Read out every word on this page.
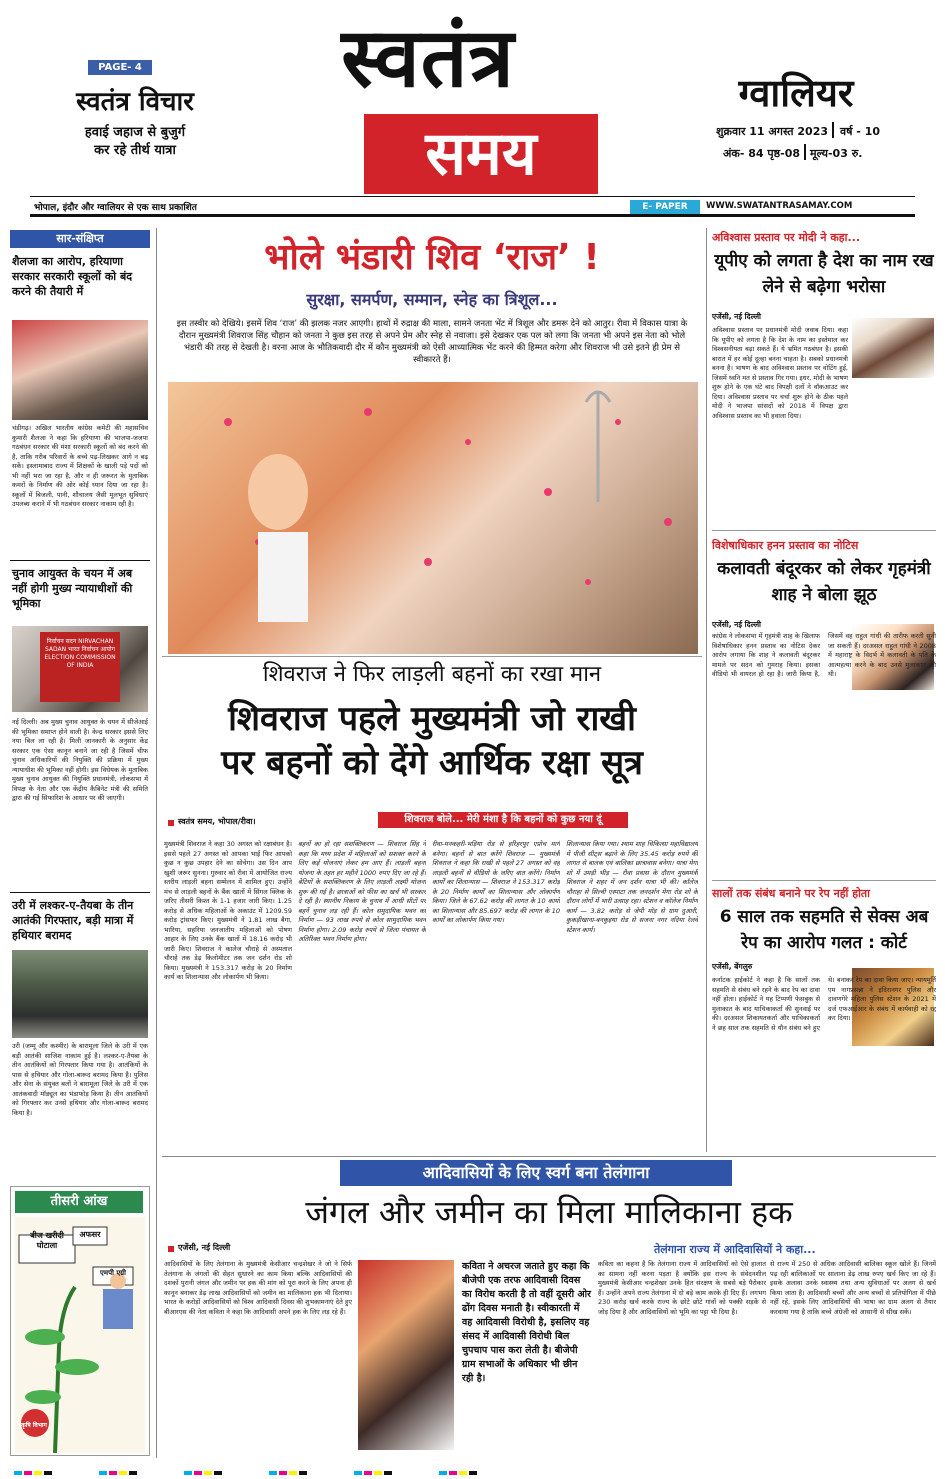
PAGE- 4
स्वतंत्र विचार
हवाई जहाज से बुजुर्ग
कर रहे तीर्थ यात्रा
स्वतंत्र
समय
ग्वालियर
शुक्रवार 11 अगस्त 2023 वर्ष - 10
अंक- 84 पृष्ठ-08 मूल्य-03 रु.
भोपाल, इंदौर और ग्वालियर से एक साथ प्रकाशित	E- PAPER	WWW.SWATANTRASAMAY.COM
सार-संक्षिप्त
शैलजा का आरोप, हरियाणा सरकार सरकारी स्कूलों को बंद करने की तैयारी में
चंडीगढ़। अखिल भारतीय कांग्रेस कमेटी की महासचिव कुमारी शैलजा ने कहा कि हरियाणा की भाजपा-जजपा गठबंधन सरकार की मंशा सरकारी स्कूलों को बंद करने की है, ताकि गरीब परिवारों के बच्चे पढ़-लिखकर आगे न बढ़ सकें। इस्लामाबाद राज्य में शिक्षकों के खाली पड़े पदों को भी नहीं भरा जा रहा है, और न ही जरूरत के मुताबिक कमरों के निर्माण की ओर कोई ध्यान दिया जा रहा है। स्कूलों में बिजली, पानी, शौचालय जैसी मूलभूत सुविधाएं उपलब्ध कराने में भी गठबंधन सरकार नाकाम रही है।
चुनाव आयुक्त के चयन में अब नहीं होगी मुख्य न्यायाधीशों की भूमिका
निर्वाचन सदन NIRVACHAN SADAN भारत निर्वाचन आयोग ELECTION COMMISSION OF INDIA
नई दिल्ली। अब मुख्य चुनाव आयुक्त के चयन में सीजेआई की भूमिका समाप्त होने वाली है। केन्द्र सरकार इससे लिए नया बिल ला रही है। मिली जानकारी के अनुसार केंद्र सरकार एक ऐसा कानून बनाने जा रही है जिसमें चीफ चुनाव अधिकारियों की नियुक्ति की प्रक्रिया में मुख्य न्यायाधीश की भूमिका नहीं होगी। इस विधेयक के मुताबिक मुख्य चुनाव आयुक्त की नियुक्ति प्रधानमंत्री, लोकसभा में विपक्ष के नेता और एक केंद्रीय कैबिनेट मंत्री की समिति द्वारा की गई सिफारिश के आधार पर की जाएगी।
उरी में लश्कर-ए-तैयबा के तीन आतंकी गिरफ्तार, बड़ी मात्रा में हथियार बरामद
उरी (जम्मू और कश्मीर) के बारामूला जिले के उरी में एक बड़ी आतंकी साजिश नाकाम हुई है। लश्कर-ए-तैयबा के तीन आतंकियों को गिरफ्तार किया गया है। आतंकियों के पास से हथियार और गोला-बारूद बरामद किया है। पुलिस और सेना के संयुक्त बलों ने बारामूला जिले के उरी में एक आतंकवादी मॉड्यूल का भंडाफोड़ किया है। तीन आतंकियों को गिरफ्तार कर उनसे हथियार और गोला-बारूद बरामद किया है।
तीसरी आंख
बीज खरीदी घोटाला
अफसर
एमपी एग्री
कृषि विभाग
भोले भंडारी शिव ‘राज’ !
सुरक्षा, समर्पण, सम्मान, स्नेह का त्रिशूल...
इस तस्वीर को देखिये। इसमें शिव ‘राज’ की झलक नजर आएगी। हाथों में रुद्राक्ष की माला, सामने जनता भेंट में त्रिशूल और डमरू देने को आतुर। रीवा में विकास यात्रा के दौरान मुख्यमंत्री शिवराज सिंह चौहान को जनता ने कुछ इस तरह से अपने प्रेम और स्नेह से नवाजा। इसे देखकर एक पल को लगा कि जनता भी अपने इस नेता को भोले भंडारी की तरह से देखती है। वरना आज के भौतिकवादी दौर में कौन मुख्यमंत्री को ऐसी आध्यात्मिक भेंट करने की हिम्मत करेगा और शिवराज भी उसे इतने ही प्रेम से स्वीकारते हैं।
शिवराज ने फिर लाड़ली बहनों का रखा मान
शिवराज पहले मुख्यमंत्री जो राखी
पर बहनों को देंगे आर्थिक रक्षा सूत्र
स्वतंत्र समय, भोपाल/रीवा।	शिवराज बोले... मेरी मंशा है कि बहनों को कुछ नया दूं
मुख्यमंत्री शिवराज ने कहा 30 अगस्त को रक्षाबंधन है। इससे पहले 27 अगस्त को आपका भाई फिर आपको कुछ न कुछ उपहार देने का सोचेगा। उस दिन आप खुशी जरूर सुनना। गुरुवार को रीवा में आयोजित राज्य स्तरीय लाड़ली बहना सम्मेलन में शामिल हुए। उन्होंने मंच से लाड़ली बहनों के बैंक खातों में सिंगल क्लिक के जरिए तीसरी किश्त के 1-1 हजार जारी किए। 1.25 करोड़ से अधिक महिलाओं के अकाउंट में 1209.59 करोड़ ट्रांसफर किए। मुख्यमंत्री ने 1.81 लाख बैगा, भारिया, सहरिया जनजातीय महिलाओं को पोषण आहार के लिए उनके बैंक खातों में 18.16 करोड़ भी जारी किए। शिवराज ने कालेज चौराहे से अस्पताल चौराहे तक डेढ़ किलोमीटर तक जन दर्शन रोड शो किया। मुख्यमंत्री ने 153.317 करोड़ के 20 निर्माण कार्य का शिलान्यास और लोकार्पण भी किया।
बहनों का हो रहा सशक्तिकरण — शिवराज सिंह ने कहा कि मध्य प्रदेश में महिलाओं को सशक्त करने के लिए कई योजनाएं लेकर हम आए हैं। लाड़ली बहना योजना के तहत हर महीने 1000 रुपए दिए जा रहे हैं। बेटियों के सशक्तिकरण के लिए लाड़ली लक्ष्मी योजना शुरू की गई है। छात्राओं को फीस का खर्च भी सरकार दे रही है। स्थानीय निकाय के चुनाव में आधी सीटों पर बहनें चुनाव लड़ रही हैं। कोल समुदायिक भवन का निर्माण — 93 लाख रुपये से कोल सामुदायिक भवन निर्माण होगा। 2.09 करोड़ रुपये से जिला पंचायत के अतिरिक्त भवन निर्माण होगा।
रीवा-मनकहरी-भड़िया रोड से हरिहरपुर एप्रोच मार्ग बनेगा। बहनों से बात करेंगे शिवराज — मुख्यमंत्री शिवराज ने कहा कि राखी से पहले 27 अगस्त को वह लाड़ली बहनों से वीडियो के जरिए बात करेंगे। निर्माण कार्यों का शिलान्यास — शिवराज ने 153.317 करोड़ के 20 निर्माण कार्यों का शिलान्यास और लोकार्पण किया। जिले के 67.62 करोड़ की लागत के 10 कार्यों का शिलान्यास और 85.697 करोड़ की लागत के 10 कार्यों का लोकार्पण किया गया।
शिलान्यास किया गया। श्याम शाह चिकित्सा महाविद्यालय में पीजी सीट्स बढ़ाने के लिए 35.45 करोड़ रुपये की लागत से बालक एवं बालिका छात्रावास बनेगा। यात्रा मेगा शो में उमड़ी भीड़ — रीवा प्रवास के दौरान मुख्यमंत्री शिवराज ने शहर में जन दर्शन यात्रा भी की। कॉलेज चौराहा से सिल्वी एस्पाटा तक जनदर्शन मेगा रोड शो के दौरान लोगों में भारी उत्साह रहा। स्टेशन व कॉलेज निर्माण कार्य — 3.82 करोड़ से जेपी मोड़ से ग्राम दुआरी, कुकड़ीखाना-बनकुइया रोड से सजना नगर नदिया रेलवे स्टेशन कार्य।
अविश्वास प्रस्ताव पर मोदी ने कहा...
यूपीए को लगता है देश का नाम रख लेने से बढ़ेगा भरोसा
एजेंसी, नई दिल्ली
अविश्वास प्रस्ताव पर प्रधानमंत्री मोदी जवाब दिया। कहा कि यूपीए को लगता है कि देश के नाम का इस्तेमाल कर विश्वसनीयता बढ़ा सकते हैं। ये भ्रमित गठबंधन है। इसकी बारात में हर कोई दूल्हा बनना चाहता है। सबको प्रधानमंत्री बनना है। भाषण के बाद अविश्वास प्रस्ताव पर वोटिंग हुई, जिसमें ध्वनि मत से प्रस्ताव गिर गया। इधर, मोदी के भाषण शुरू होने के एक घंटे बाद विपक्षी दलों ने वॉकआउट कर दिया। अविश्वास प्रस्ताव पर चर्चा शुरू होने के ठीक पहले मोदी ने भाजपा सांसदों को 2018 में विपक्ष द्वारा अविश्वास प्रस्ताव का भी हवाला दिया।
विशेषाधिकार हनन प्रस्ताव का नोटिस
कलावती बंदूरकर को लेकर गृहमंत्री शाह ने बोला झूठ
एजेंसी, नई दिल्ली
कांग्रेस ने लोकसभा में गृहमंत्री शाह के खिलाफ विशेषाधिकार हनन प्रस्ताव का नोटिस देकर आरोप लगाया कि शाह ने कलावती बंदूरकर मामले पर सदन को गुमराह किया। इसका वीडियो भी वायरल हो रहा है। जारी किया है, जिसमें वह राहुल गांधी की तारीफ करती सुनी जा सकती हैं। दरअसल राहुल गांधी ने 2008 में महाराष्ट्र के विदर्भ में कलावती के पति के आत्महत्या करने के बाद उनसे मुलाकात की थी।
सालों तक संबंध बनाने पर रेप नहीं होता
6 साल तक सहमति से सेक्स अब रेप का आरोप गलत : कोर्ट
एजेंसी, बेंगलुरु
कर्नाटक हाईकोर्ट ने कहा है कि सालों तक सहमति से संबंध बने रहने के बाद रेप का दावा नहीं होता। हाईकोर्ट ने यह टिप्पणी फेसबुक से मुलाकात के बाद याचिकाकर्ता की सुनवाई पर की। दरअसल शिकायतकर्ता और याचिकाकर्ता ने छह साल तक सहमति से यौन संबंध बने हुए थे। बनाकर रेप का दावा किया जाए। न्यायमूर्ति एम नागप्रसन्ना ने इंदिरानगर पुलिस और दावणगेरे महिला पुलिस स्टेशन के 2021 में दर्ज एफआईआर के संबंध में कार्यवाही को रद्द कर दिया।
आदिवासियों के लिए स्वर्ग बना तेलंगाना
जंगल और जमीन का मिला मालिकाना हक
एजेंसी, नई दिल्ली	तेलंगाना राज्य में आदिवासियों ने कहा...
आदिवासियों के लिए तेलंगाना के मुख्यमंत्री केसीआर चन्द्रशेखर ने जो ने सिर्फ तेलंगाना के जंगलों की सेहत सुधारने का काम किया बल्कि आदिवासियों की दशकों पुरानी जंगल और जमीन पर हक की मांग को पूरा करने के लिए अपना ही कानून बनाकर डेढ़ लाख आदिवासियों को जमीन का मालिकाना हक भी दिलाया। भारत के करोड़ों आदिवासियों को विश्व आदिवासी दिवस की शुभकामनाएं देते हुए बीआरएस की नेता कविता ने कहा कि आदिवासी अपने हक के लिए लड़ रहे हैं।
कविता ने अचरज जताते हुए कहा कि बीजेपी एक तरफ आदिवासी दिवस का विरोध करती है तो वहीं दूसरी ओर ढोंग दिवस मनाती है। स्वीकारती में वह आदिवासी विरोधी है, इसलिए वह संसद में आदिवासी विरोधी बिल चुपचाप पास करा लेती है। बीजेपी ग्राम सभाओं के अधिकार भी छीन रही है।
कविता का कहना है कि तेलंगाना राज्य में आदिवासियों को ऐसे हालात का सामना नहीं करना पड़ता है क्योंकि इस राज्य के संवेदनशील मुख्यमंत्री केसीआर चन्द्रशेखर उनके हित संरक्षण के सबसे बड़े पैरोकार हैं। उन्होंने अपने राज्य तेलंगाना में दो बड़े काम करके ही दिए हैं। लगभग 230 करोड़ खर्च करके राज्य के छोटे छोटे गांवों को पक्की सड़कें से जोड़ दिया है और आदिवासियों को भूमि का पट्टा भी दिया है।
से राज्य में 250 से अधिक आदिवासी बालिका स्कूल खोले हैं। जिनमें पढ़ रही बालिकाओं पर सालाना डेढ़ लाख रुपए खर्च किए जा रहे हैं। इसके अलावा उनके स्वास्थ्य तथा अन्य सुविधाओं पर अलग से खर्च किया जाता है। आदिवासी बच्चों और अन्य बच्चों से प्रतियोगिता में पीछे नहीं रहें, इसके लिए आदिवासियों की भाषा का ग्राम अलग से तैयार करवाया गया है ताकि बच्चे अंग्रेजी को आसानी से सीख सकें।
